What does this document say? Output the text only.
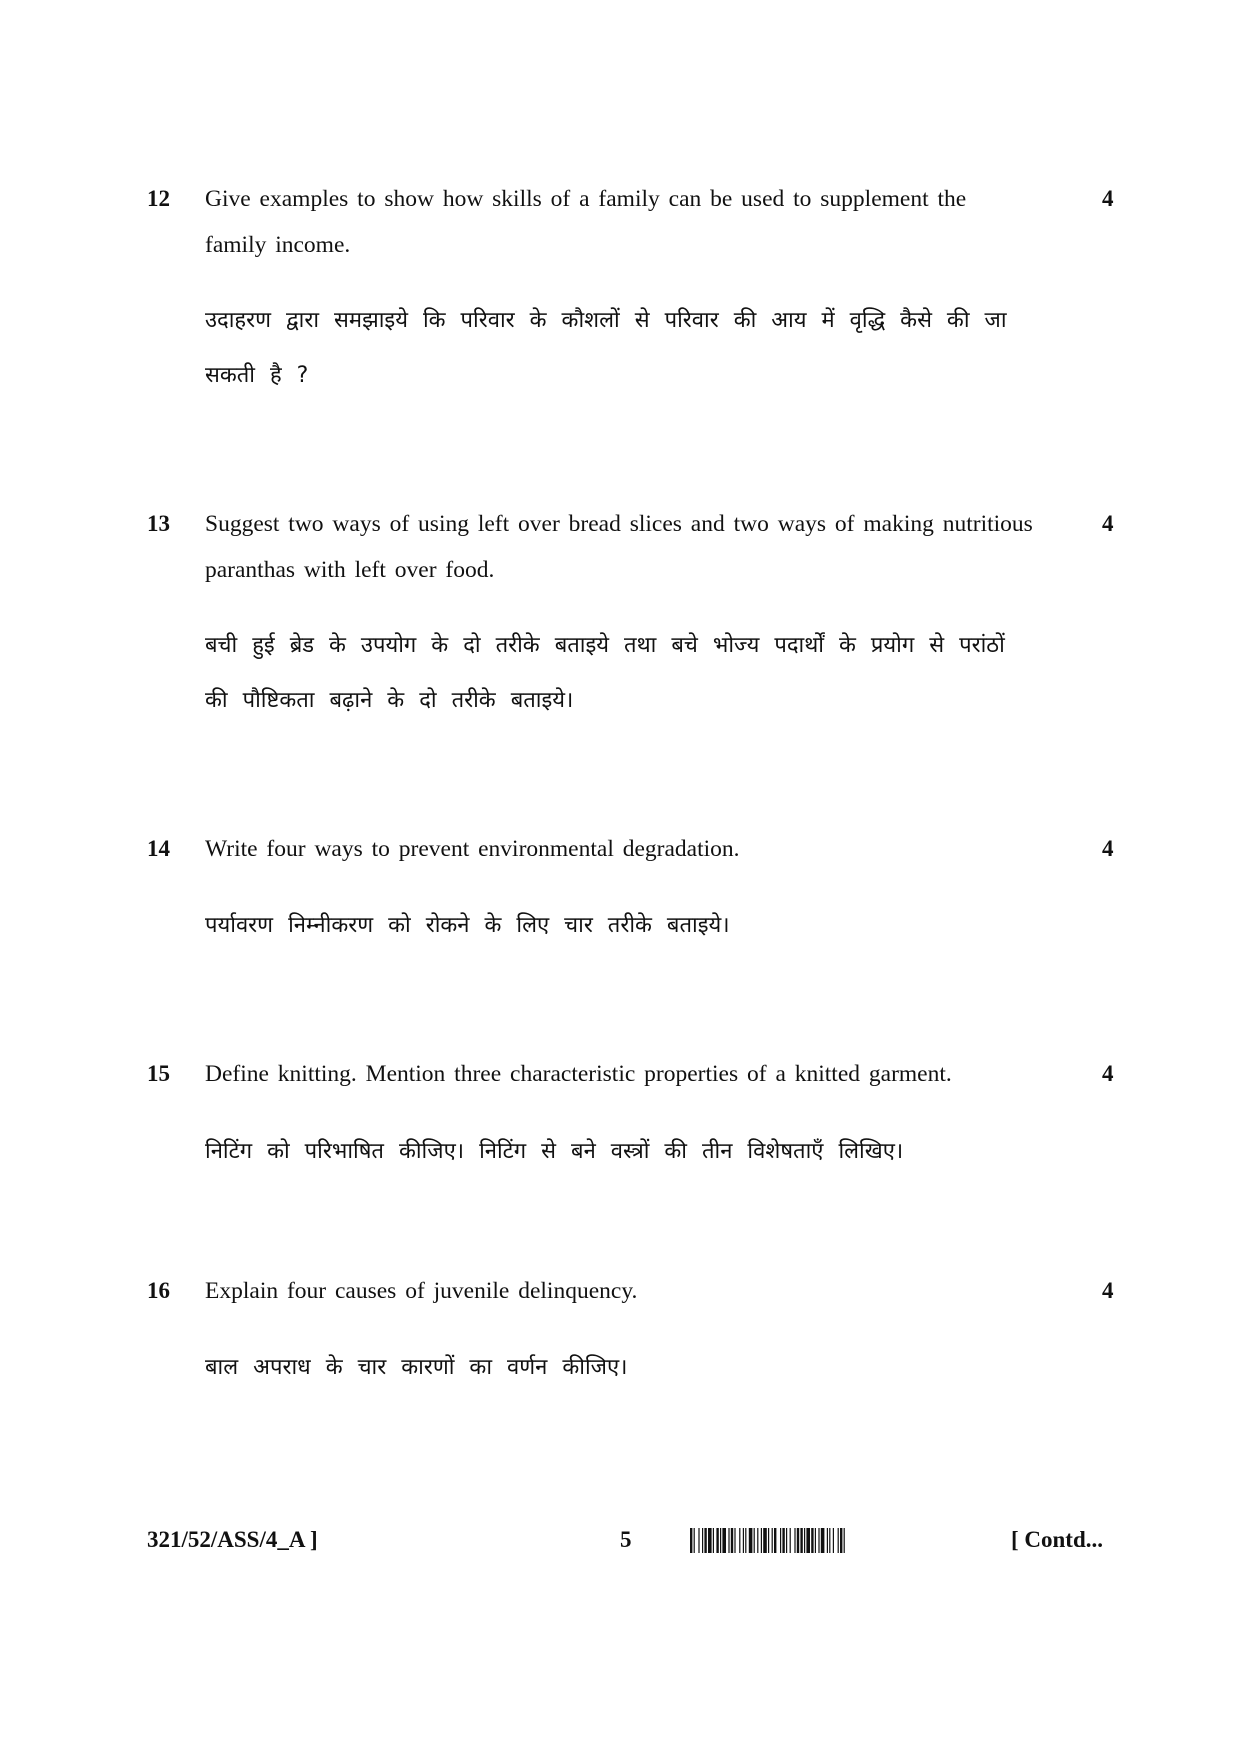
12 Give examples to show how skills of a family can be used to supplement the family income.
उदाहरण द्वारा समझाइये कि परिवार के कौशलों से परिवार की आय में वृद्धि कैसे की जा सकती है ?
4
13 Suggest two ways of using left over bread slices and two ways of making nutritious paranthas with left over food.
बची हुई ब्रेड के उपयोग के दो तरीके बताइये तथा बचे भोज्य पदार्थों के प्रयोग से परांठों की पौष्टिकता बढ़ाने के दो तरीके बताइये।
4
14 Write four ways to prevent environmental degradation.
पर्यावरण निम्नीकरण को रोकने के लिए चार तरीके बताइये।
4
15 Define knitting. Mention three characteristic properties of a knitted garment.
निटिंग को परिभाषित कीजिए। निटिंग से बने वस्त्रों की तीन विशेषताएँ लिखिए।
4
16 Explain four causes of juvenile delinquency.
बाल अपराध के चार कारणों का वर्णन कीजिए।
4
321/52/ASS/4_A ]	5	[ Contd...
